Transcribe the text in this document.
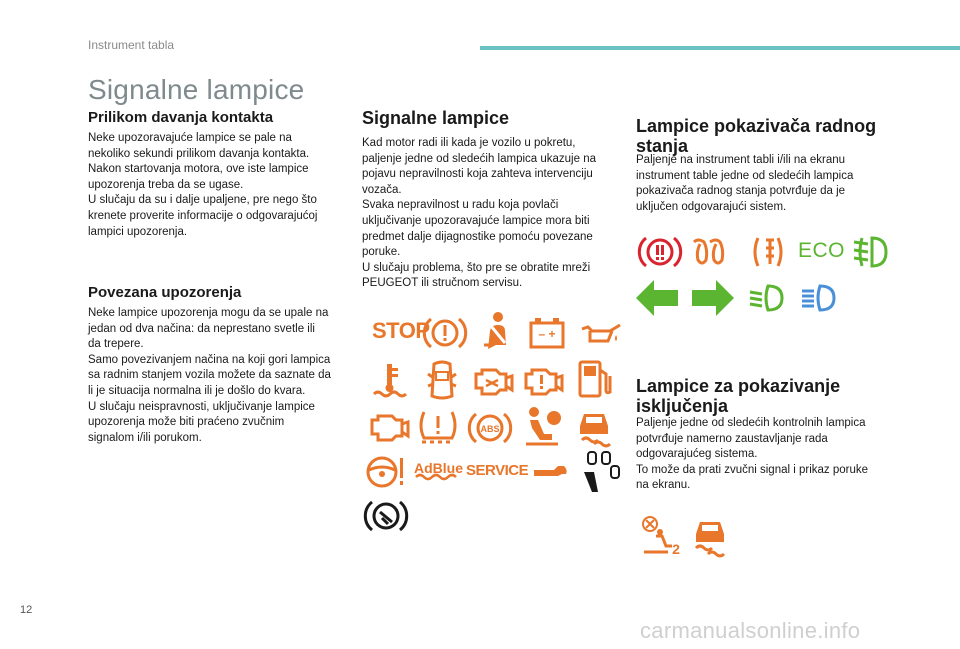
Instrument tabla
Signalne lampice
Prilikom davanja kontakta

Neke upozoravajuće lampice se pale na

nekoliko sekundi prilikom davanja kontakta.

Nakon startovanja motora, ove iste lampice

upozorenja treba da se ugase.

U slučaju da su i dalje upaljene, pre nego što

krenete proverite informacije o odgovarajućoj

lampici upozorenja.

Povezana upozorenja

Neke lampice upozorenja mogu da se upale na

jedan od dva načina: da neprestano svetle ili

da trepere.

Samo povezivanjem načina na koji gori lampica

sa radnim stanjem vozila možete da saznate da

li je situacija normalna ili je došlo do kvara.

U slučaju neispravnosti, uključivanje lampice

upozorenja može biti praćeno zvučnim

signalom i/ili porukom.

Signalne lampice

Kad motor radi ili kada je vozilo u pokretu,

paljenje jedne od sledećih lampica ukazuje na

pojavu nepravilnosti koja zahteva intervenciju

vozača.

Svaka nepravilnost u radu koja povlači

uključivanje upozoravajuće lampice mora biti

predmet dalje dijagnostike pomoću povezane

poruke.

U slučaju problema, što pre se obratite mreži

PEUGEOT ili stručnom servisu.

STOP	– +
ABS
AdBlue SERVICE
Lampice pokazivača radnog
stanja

Paljenje na instrument tabli i/ili na ekranu

instrument table jedne od sledećih lampica

pokazivača radnog stanja potvrđuje da je

uključen odgovarajući sistem.

ECO
Lampice za pokazivanje
isključenja

Paljenje jedne od sledećih kontrolnih lampica

potvrđuje namerno zaustavljanje rada

odgovarajućeg sistema.

To može da prati zvučni signal i prikaz poruke

na ekranu.

2
12
carmanualsonline.info
